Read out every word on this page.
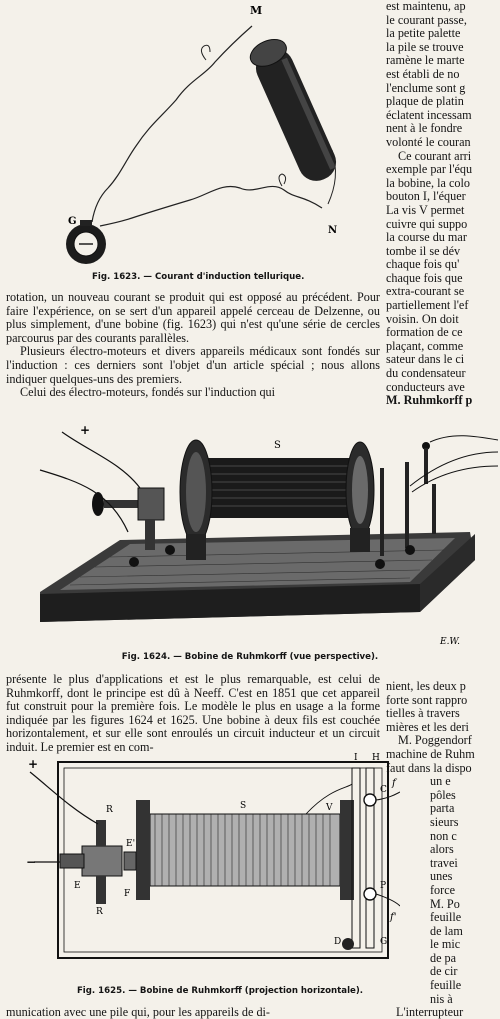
M
N
G
Fig. 1623. — Courant d'induction tellurique.

rotation, un nouveau courant se produit qui est opposé au précédent. Pour faire l'expérience, on se sert d'un appareil appelé cerceau de Delzenne, ou plus simplement, d'une bobine (fig. 1623) qui n'est qu'une série de cercles parcourus par des courants parallèles.

Plusieurs électro-moteurs et divers appareils médicaux sont fondés sur l'induction : ces derniers sont l'objet d'un article spécial ; nous allons indiquer quelques-uns des premiers.

Celui des électro-moteurs, fondés sur l'induction qui

est maintenu, ap
le courant passe,
la petite palette
la pile se trouve
ramène le marte
est établi de no
l'enclume sont g
plaque de platin
éclatent incessam
nent à le fondre
volonté le couran
Ce courant arri
exemple par l'équ
la bobine, la colo
bouton I, l'équer
La vis V permet
cuivre qui suppo
la course du mar
tombe il se dév
chaque fois qu'
chaque fois que
extra-courant se
partiellement l'ef
voisin. On doit
formation de ce
plaçant, comme
sateur dans le ci
du condensateur
conducteurs ave
M. Ruhmkorff p
S
+
E.W.
Fig. 1624. — Bobine de Ruhmkorff (vue perspective).

présente le plus d'applications et est le plus remarquable, est celui de Ruhmkorff, dont le principe est dû à Neeff. C'est en 1851 que cet appareil fut construit pour la première fois. Le modèle le plus en usage a la forme indiquée par les figures 1624 et 1625. Une bobine à deux fils est couchée horizontalement, et sur elle sont enroulés un circuit inducteur et un circuit induit. Le premier est en com-

nient, les deux p
forte sont rappro
tielles à travers
mières et les deri
M. Poggendorf
machine de Ruhm
faut dans la dispo
un e
pôles
parta
sieurs
non c
alors
travei
unes
force
M. Po
feuille
de lam
le mic
de pa
de cir
feuille
nis à
+
−
R
R
E
E'
F
S	V
I H
C
P
D	G
f
f'
Fig. 1625. — Bobine de Ruhmkorff (projection horizontale).
munication avec une pile qui, pour les appareils de di-	L'interrupteur
